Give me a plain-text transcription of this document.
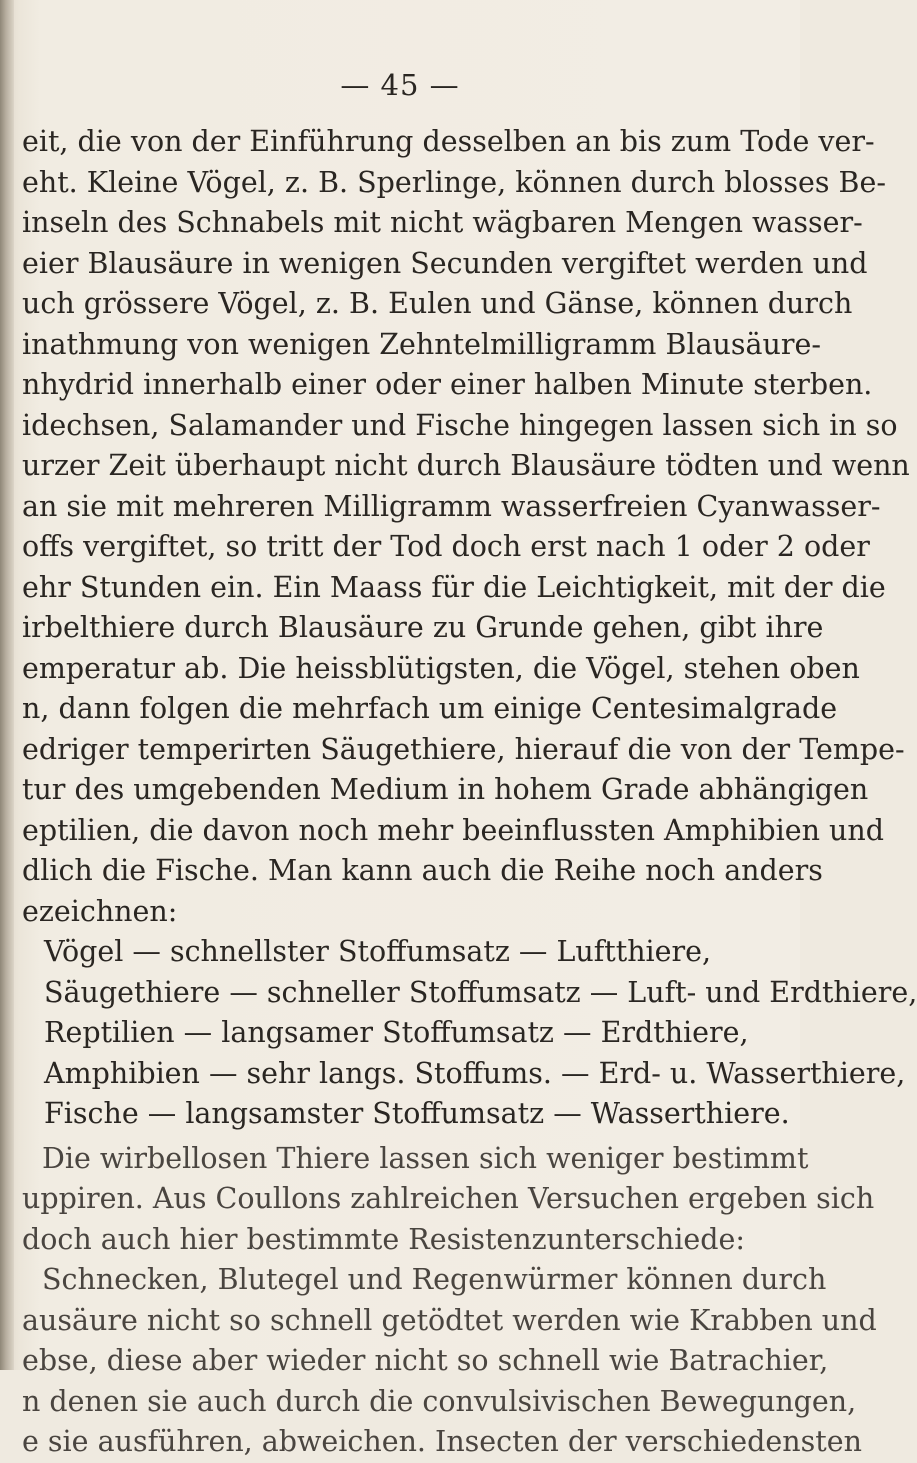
— 45 —
eit, die von der Einführung desselben an bis zum Tode ver-
eht. Kleine Vögel, z. B. Sperlinge, können durch blosses Be-
inseln des Schnabels mit nicht wägbaren Mengen wasser-
eier Blausäure in wenigen Secunden vergiftet werden und
uch grössere Vögel, z. B. Eulen und Gänse, können durch
inathmung von wenigen Zehntelmilligramm Blausäure-
nhydrid innerhalb einer oder einer halben Minute sterben.
idechsen, Salamander und Fische hingegen lassen sich in so
urzer Zeit überhaupt nicht durch Blausäure tödten und wenn
an sie mit mehreren Milligramm wasserfreien Cyanwasser-
offs vergiftet, so tritt der Tod doch erst nach 1 oder 2 oder
ehr Stunden ein. Ein Maass für die Leichtigkeit, mit der die
irbelthiere durch Blausäure zu Grunde gehen, gibt ihre
emperatur ab. Die heissblütigsten, die Vögel, stehen oben
n, dann folgen die mehrfach um einige Centesimalgrade
edriger temperirten Säugethiere, hierauf die von der Tempe-
tur des umgebenden Medium in hohem Grade abhängigen
eptilien, die davon noch mehr beeinflussten Amphibien und
dlich die Fische. Man kann auch die Reihe noch anders
ezeichnen:
Vögel — schnellster Stoffumsatz — Luftthiere,
Säugethiere — schneller Stoffumsatz — Luft- und Erdthiere,
Reptilien — langsamer Stoffumsatz — Erdthiere,
Amphibien — sehr langs. Stoffums. — Erd- u. Wasserthiere,
Fische — langsamster Stoffumsatz — Wasserthiere.
Die wirbellosen Thiere lassen sich weniger bestimmt
uppiren. Aus Coullons zahlreichen Versuchen ergeben sich
doch auch hier bestimmte Resistenzunterschiede:
Schnecken, Blutegel und Regenwürmer können durch
ausäure nicht so schnell getödtet werden wie Krabben und
ebse, diese aber wieder nicht so schnell wie Batrachier,
n denen sie auch durch die convulsivischen Bewegungen,
e sie ausführen, abweichen. Insecten der verschiedensten
